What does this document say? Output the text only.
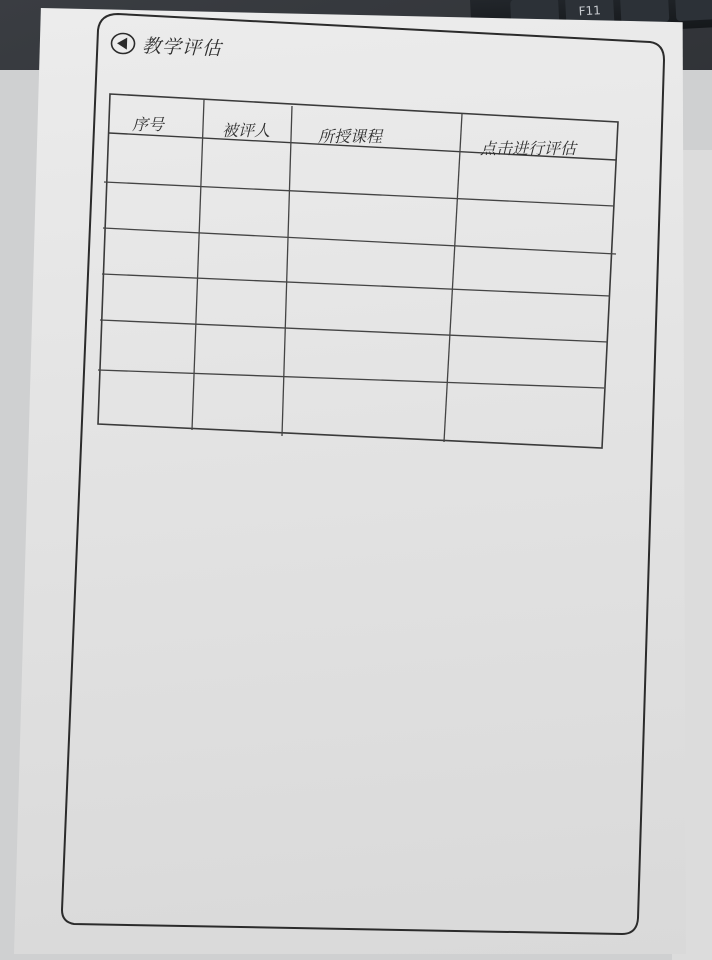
F11
教学评估
序号	被评人	所授课程
点击进行评估
